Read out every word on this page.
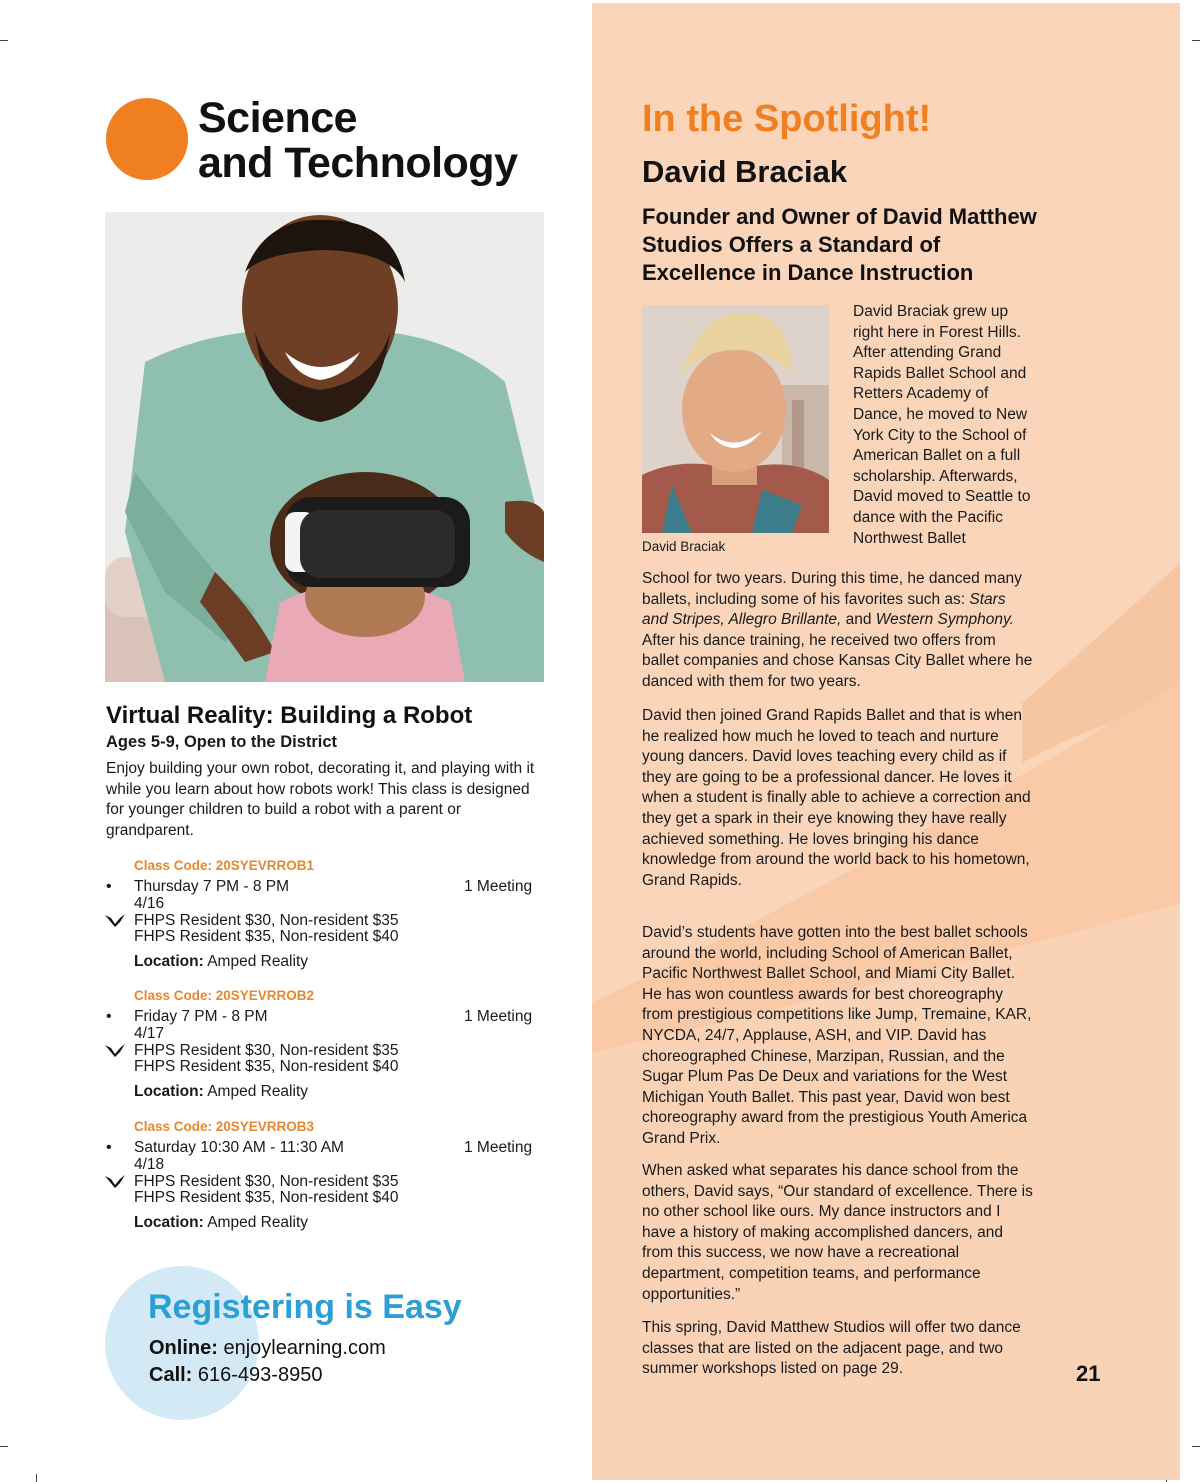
Science
and Technology
Virtual Reality: Building a Robot
Ages 5-9, Open to the District

Enjoy building your own robot, decorating it, and playing with it while you learn about how robots work! This class is designed for younger children to build a robot with a parent or grandparent.

Class Code: 20SYEVRROB1
• Thursday 7 PM - 8 PM	1 Meeting
4/16
FHPS Resident $30, Non-resident $35
FHPS Resident $35, Non-resident $40
Location: Amped Reality
Class Code: 20SYEVRROB2
• Friday 7 PM - 8 PM	1 Meeting
4/17
FHPS Resident $30, Non-resident $35
FHPS Resident $35, Non-resident $40
Location: Amped Reality
Class Code: 20SYEVRROB3
• Saturday 10:30 AM - 11:30 AM	1 Meeting
4/18
FHPS Resident $30, Non-resident $35
FHPS Resident $35, Non-resident $40
Location: Amped Reality
Registering is Easy
Online: enjoylearning.com
Call: 616-493-8950
In the Spotlight!
David Braciak

Founder and Owner of David Matthew Studios Offers a Standard of Excellence in Dance Instruction

David Braciak

David Braciak grew up right here in Forest Hills. After attending Grand Rapids Ballet School and Retters Academy of Dance, he moved to New York City to the School of American Ballet on a full scholarship. Afterwards, David moved to Seattle to dance with the Pacific Northwest Ballet

School for two years. During this time, he danced many ballets, including some of his favorites such as: Stars and Stripes, Allegro Brillante, and Western Symphony. After his dance training, he received two offers from ballet companies and chose Kansas City Ballet where he danced with them for two years.

David then joined Grand Rapids Ballet and that is when he realized how much he loved to teach and nurture young dancers. David loves teaching every child as if they are going to be a professional dancer. He loves it when a student is finally able to achieve a correction and they get a spark in their eye knowing they have really achieved something. He loves bringing his dance knowledge from around the world back to his hometown, Grand Rapids.

David’s students have gotten into the best ballet schools around the world, including School of American Ballet, Pacific Northwest Ballet School, and Miami City Ballet. He has won countless awards for best choreography from prestigious competitions like Jump, Tremaine, KAR, NYCDA, 24/7, Applause, ASH, and VIP. David has choreographed Chinese, Marzipan, Russian, and the Sugar Plum Pas De Deux and variations for the West Michigan Youth Ballet. This past year, David won best choreography award from the prestigious Youth America Grand Prix.

When asked what separates his dance school from the others, David says, “Our standard of excellence. There is no other school like ours. My dance instructors and I have a history of making accomplished dancers, and from this success, we now have a recreational department, competition teams, and performance opportunities.”

This spring, David Matthew Studios will offer two dance classes that are listed on the adjacent page, and two summer workshops listed on page 29.	21
